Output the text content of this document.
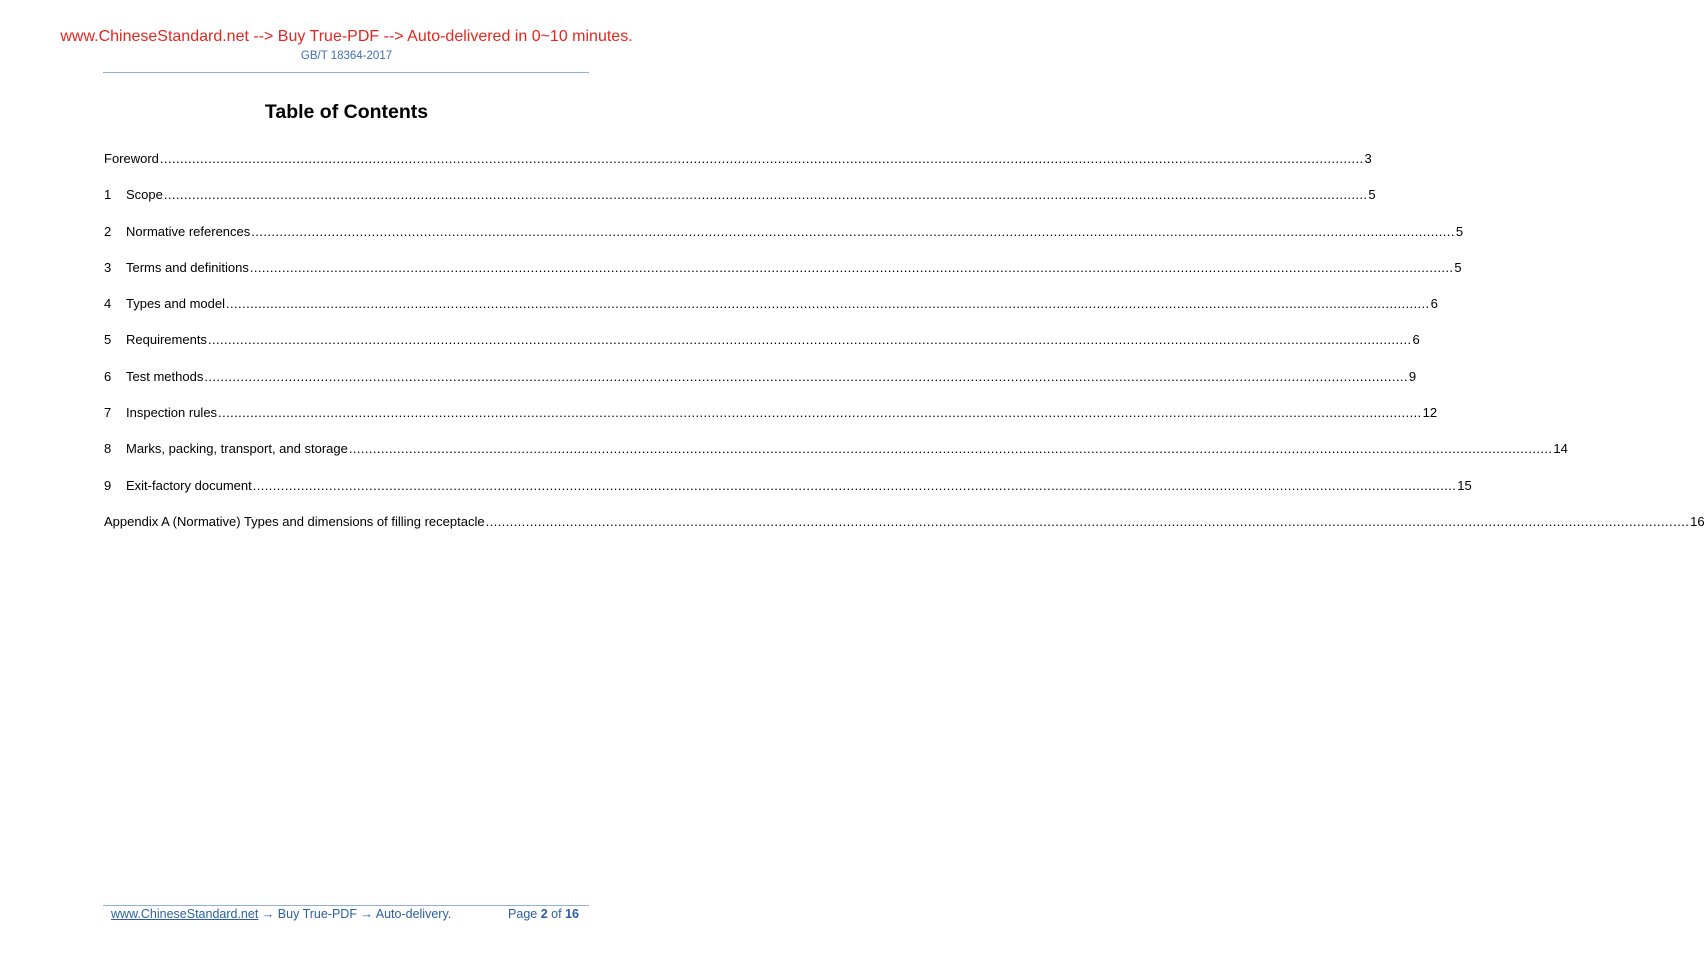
www.ChineseStandard.net --> Buy True-PDF --> Auto-delivered in 0~10 minutes.
GB/T 18364-2017
Table of Contents
Foreword ............................................................................................................................................................................................................................................................................................................ 3
1	Scope ............................................................................................................................................................................................................................................................................................................ 5
2	Normative references ............................................................................................................................................................................................................................................................................................................ 5
3	Terms and definitions ............................................................................................................................................................................................................................................................................................................ 5
4	Types and model ............................................................................................................................................................................................................................................................................................................ 6
5	Requirements ............................................................................................................................................................................................................................................................................................................ 6
6	Test methods ............................................................................................................................................................................................................................................................................................................ 9
7	Inspection rules ............................................................................................................................................................................................................................................................................................................ 12
8	Marks, packing, transport, and storage ............................................................................................................................................................................................................................................................................................................ 14
9	Exit-factory document ............................................................................................................................................................................................................................................................................................................ 15
Appendix A (Normative) Types and dimensions of filling receptacle ............................................................................................................................................................................................................................................................................................................ 16
www.ChineseStandard.net → Buy True-PDF → Auto-delivery.	Page 2 of 16
